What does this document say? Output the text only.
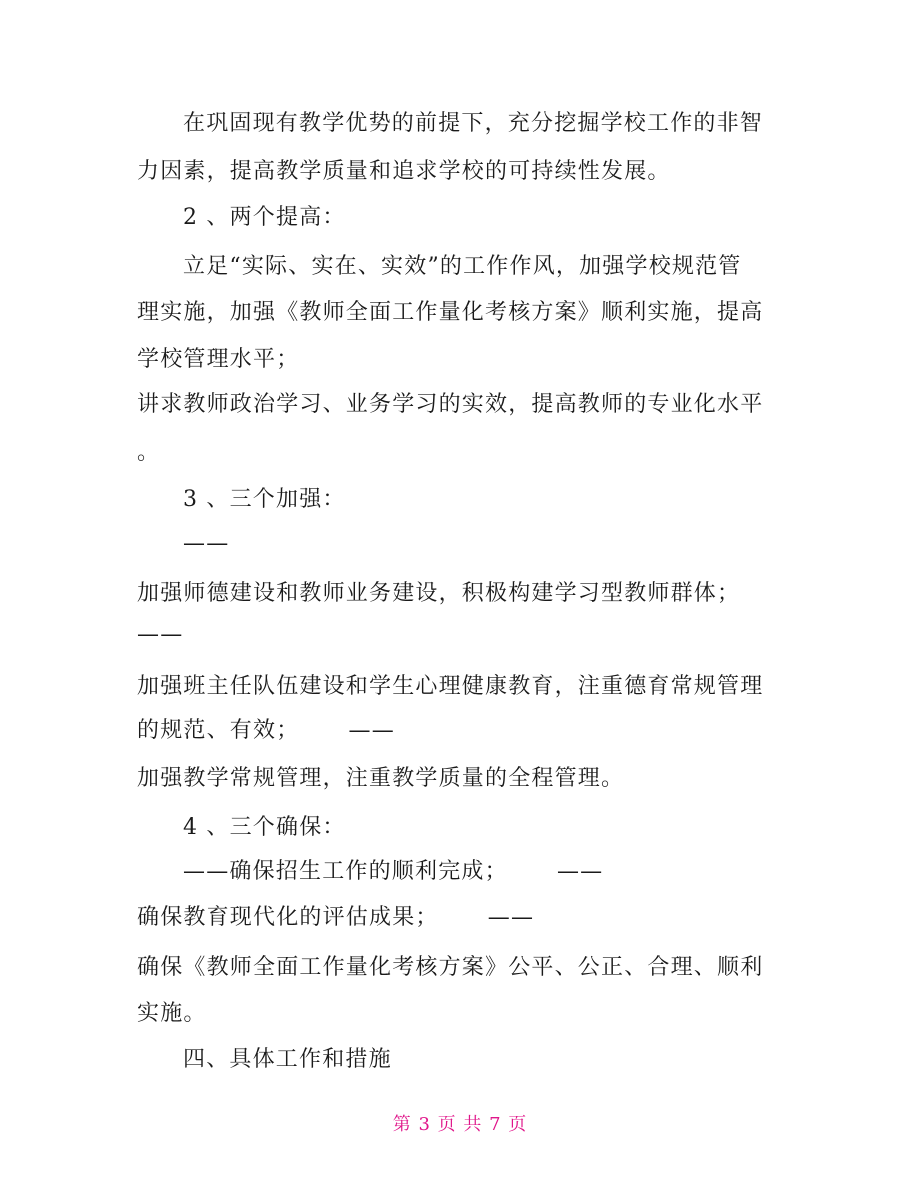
在巩固现有教学优势的前提下，充分挖掘学校工作的非智
力因素，提高教学质量和追求学校的可持续性发展。
2 、两个提高：
立足“实际、实在、实效”的工作作风，加强学校规范管
理实施，加强《教师全面工作量化考核方案》顺利实施，提高
学校管理水平；
讲求教师政治学习、业务学习的实效，提高教师的专业化水平
。
3 、三个加强：
——
加强师德建设和教师业务建设，积极构建学习型教师群体；
——
加强班主任队伍建设和学生心理健康教育，注重德育常规管理
的规范、有效；      ——
加强教学常规管理，注重教学质量的全程管理。
4 、三个确保：
——确保招生工作的顺利完成；      ——
确保教育现代化的评估成果；      ——
确保《教师全面工作量化考核方案》公平、公正、合理、顺利
实施。
四、具体工作和措施
第 3 页 共 7 页
